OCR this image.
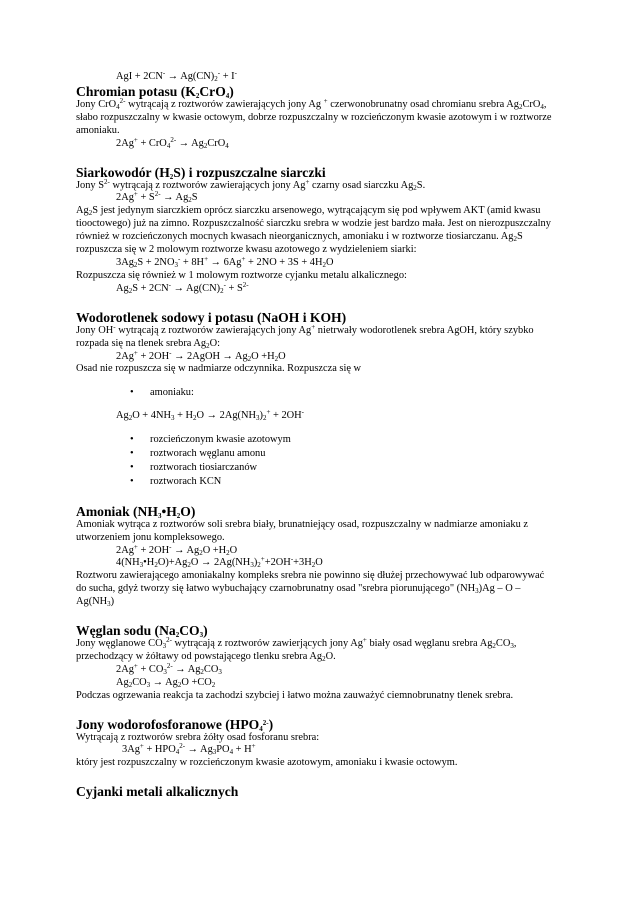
AgI + $2CN^- \to Ag(CN)_2^- + I^-$

Chromian potasu $(K_2CrO_4)$

Jony CrO$_4^{2-}$ wytrącają z roztworów zawierających jony Ag + czerwonobrunatny osad chromianu srebra $Ag_2CrO_4$, słabo rozpuszczalny w kwasie octowym, dobrze rozpuszczalny w rozcieńczonym kwasie azotowym i w roztworze amoniaku.

$2Ag^+ + CrO_4^{2-} \to Ag_2CrO_4$

Siarkowodór $(H_2S)$ i rozpuszczalne siarczki

Jony $S^{2-}$ wytrącają z roztworów zawierających jony Ag+ czarny osad siarczku $Ag_2S$.

$2Ag^+ + S^{2-} \to Ag_2S$

$Ag_2S$ jest jedynym siarczkiem oprócz siarczku arsenowego, wytrącającym się pod wpływem AKT (amid kwasu tiooctowego) już na zimno. Rozpuszczalność siarczku srebra w wodzie jest bardzo mała. Jest on nierozpuszczalny również w rozcieńczonych mocnych kwasach nieorganicznych, amoniaku i w roztworze tiosiarczanu. $Ag_2S$ rozpuszcza się w 2 molowym roztworze kwasu azotowego z wydzieleniem siarki:

$3Ag_2S + 2NO_3^- + 8H^+ \to 6Ag^+ + 2NO + 3S + 4H_2O$

Rozpuszcza się również w 1 molowym roztworze cyjanku metalu alkalicznego:

$Ag_2S + 2CN^- \to Ag(CN)_2^- + S^{2-}$

Wodorotlenek sodowy i potasu (NaOH i KOH)

Jony OH- wytrącają z roztworów zawierających jony Ag+ nietrwały wodorotlenek srebra AgOH, który szybko rozpada się na tlenek srebra $Ag_2O$:

2Ag+ + 2OH- → 2AgOH → $Ag_2O +H_2O$

Osad nie rozpuszcza się w nadmiarze odczynnika. Rozpuszcza się w

• amoniaku:

$Ag_2O + 4NH_3 + H_2O \to 2Ag(NH_3)_2^+ + 2OH^-$

• rozcieńczonym kwasie azotowym
• roztworach węglanu amonu
• roztworach tiosiarczanów
• roztworach KCN
Amoniak $(NH_3•H_2O)$

Amoniak wytrąca z roztworów soli srebra biały, brunatniejący osad, rozpuszczalny w nadmiarze amoniaku z utworzeniem jonu kompleksowego.

$2Ag^+ + 2OH^- \to Ag_2O +H_2O$

$4(NH_3•H_2O)+Ag_2O \to 2Ag(NH_3)_2^++2OH^-+3H_2O$

Roztworu zawierającego amoniakalny kompleks srebra nie powinno się dłużej przechowywać lub odparowywać do sucha, gdyż tworzy się łatwo wybuchający czarnobrunatny osad "srebra piorunującego" $(NH_3)Ag$ – O – $Ag(NH_3)$

Węglan sodu $(Na_2CO_3)$

Jony węglanowe $CO_3^{2-}$ wytrącają z roztworów zawierjących jony Ag+ biały osad węglanu srebra $Ag_2CO_3$, przechodzący w żółtawy od powstającego tlenku srebra $Ag_2O$.

$2Ag^+ + CO_3^{2-} \to Ag_2CO_3$

$Ag_2CO_3 \to Ag_2O +CO_2$

Podczas ogrzewania reakcja ta zachodzi szybciej i łatwo można zauważyć ciemnobrunatny tlenek srebra.

Jony wodorofosforanowe $(HPO_4^{2-})$

Wytrącają z roztworów srebra żółty osad fosforanu srebra:

$3Ag^+ + HPO_4^{2-} \to Ag_3PO_4 + H^+$

który jest rozpuszczalny w rozcieńczonym kwasie azotowym, amoniaku i kwasie octowym.

Cyjanki metali alkalicznych
